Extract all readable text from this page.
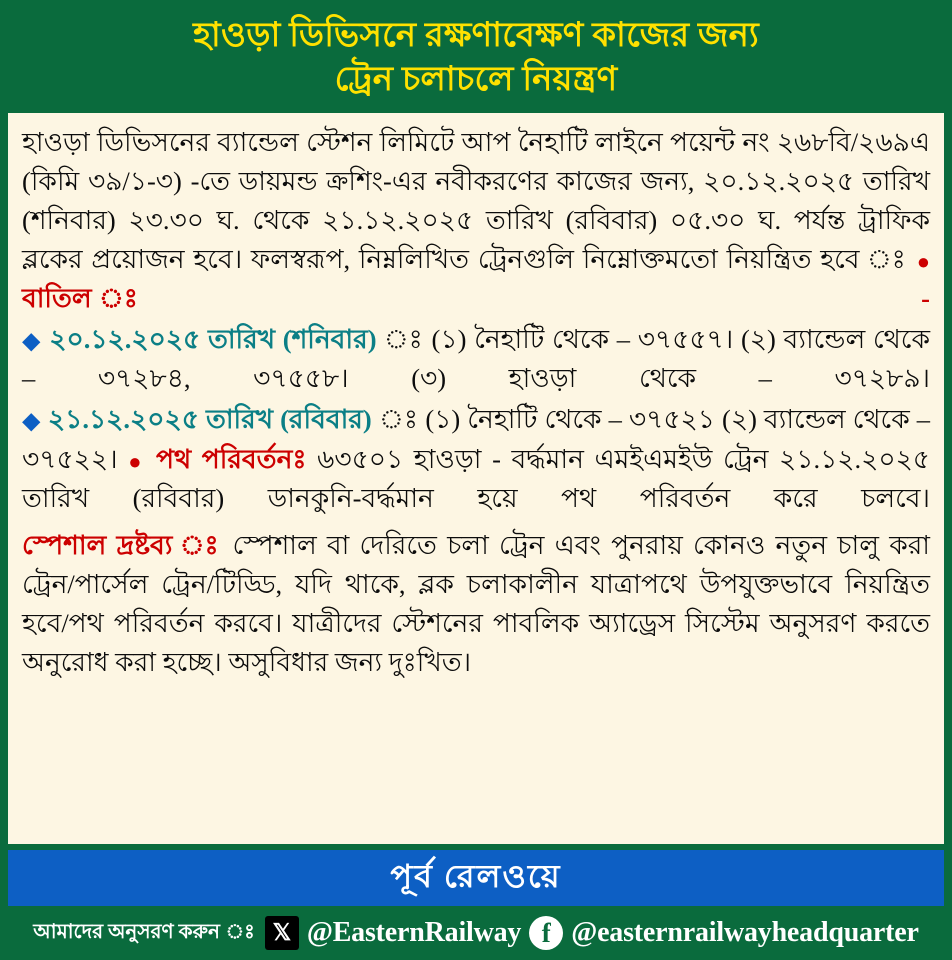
হাওড়া ডিভিসনে রক্ষণাবেক্ষণ কাজের জন্য
ট্রেন চলাচলে নিয়ন্ত্রণ

হাওড়া ডিভিসনের ব্যান্ডেল স্টেশন লিমিটে আপ নৈহাটি লাইনে পয়েন্ট নং ২৬৮বি/২৬৯এ (কিমি ৩৯/১-৩) -তে ডায়মন্ড ক্রশিং-এর নবীকরণের কাজের জন্য, ২০.১২.২০২৫ তারিখ (শনিবার) ২৩.৩০ ঘ. থেকে ২১.১২.২০২৫ তারিখ (রবিবার) ০৫.৩০ ঘ. পর্যন্ত ট্রাফিক ব্লকের প্রয়োজন হবে। ফলস্বরূপ, নিম্নলিখিত ট্রেনগুলি নিম্নোক্তমতো নিয়ন্ত্রিত হবে ঃ ● বাতিল ঃ-

◆ ২০.১২.২০২৫ তারিখ (শনিবার) ঃ (১) নৈহাটি থেকে – ৩৭৫৫৭। (২) ব্যান্ডেল থেকে – ৩৭২৮৪, ৩৭৫৫৮। (৩) হাওড়া থেকে – ৩৭২৮৯।

◆ ২১.১২.২০২৫ তারিখ (রবিবার) ঃ (১) নৈহাটি থেকে – ৩৭৫২১ (২) ব্যান্ডেল থেকে – ৩৭৫২২। ● পথ পরিবর্তনঃ ৬৩৫০১ হাওড়া - বর্দ্ধমান এমইএমইউ ট্রেন ২১.১২.২০২৫ তারিখ (রবিবার) ডানকুনি-বর্দ্ধমান হয়ে পথ পরিবর্তন করে চলবে।

স্পেশাল দ্রষ্টব্য ঃ স্পেশাল বা দেরিতে চলা ট্রেন এবং পুনরায় কোনও নতুন চালু করা ট্রেন/পার্সেল ট্রেন/টিড্ডি, যদি থাকে, ব্লক চলাকালীন যাত্রাপথে উপযুক্তভাবে নিয়ন্ত্রিত হবে/পথ পরিবর্তন করবে। যাত্রীদের স্টেশনের পাবলিক অ্যাড্রেস সিস্টেম অনুসরণ করতে অনুরোধ করা হচ্ছে। অসুবিধার জন্য দুঃখিত।

পূর্ব রেলওয়ে
আমাদের অনুসরণ করুন ঃ 𝕏 @EasternRailway f @easternrailwayheadquarter
